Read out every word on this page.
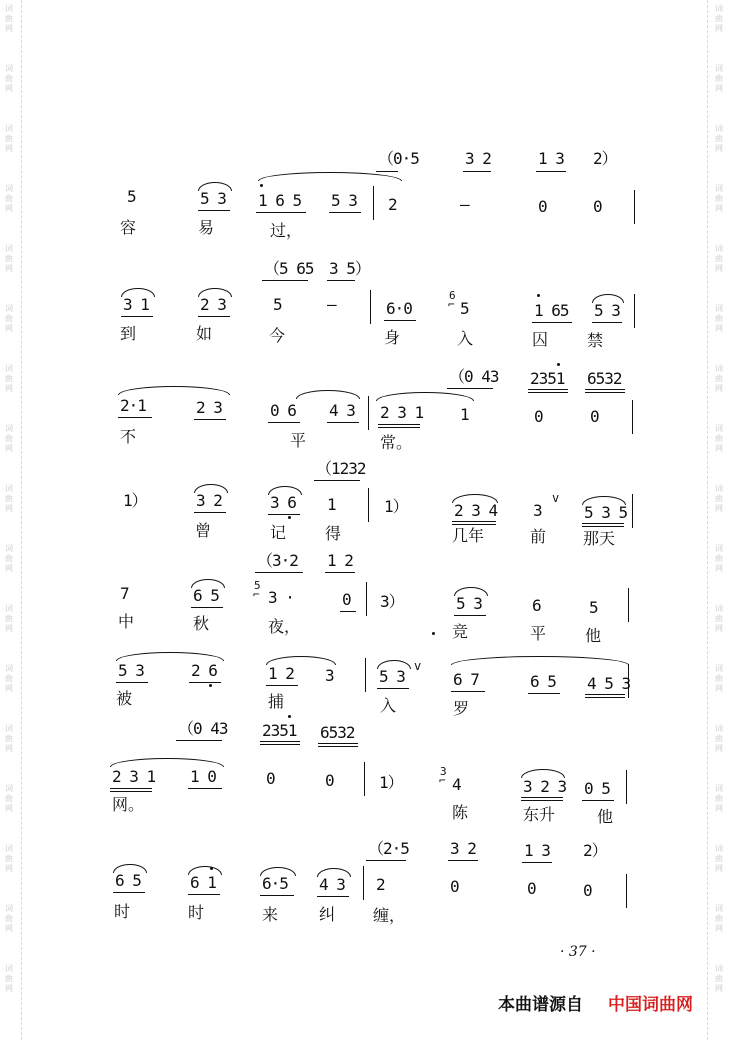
词
曲
网
词
曲
网
词
曲
网
词
曲
网
词
曲
网
词
曲
网
词
曲
网
词
曲
网
词
曲
网
词
曲
网
词
曲
网
词
曲
网
词
曲
网
词
曲
网
词
曲
网
词
曲
网
词
曲
网
词
曲
网
词
曲
网
词
曲
网
词
曲
网
词
曲
网
词
曲
网
词
曲
网
词
曲
网
词
曲
网
词
曲
网
词
曲
网
词
曲
网
词
曲
网
词
曲
网
词
曲
网
词
曲
网
词
曲
网
v
v
（0·5	3 2	1 3 2）
5	5 3 1 6 5 5 3 2	—	0	0
（5 65 3 5）
3 1	2 3	5	—	6·0	5	1 65 5 3
（0 43 2351 6532
2·1	2 3	0 6 4 3 2 3 1 1	0	0
（1232
1）	3 2	3 6 1	1）	2 3 4 3	5 3 5
（3·2 1 2
7	6 5	3 ·	0 3）	5 3	6	5
5 3	2 6	1 2 3	5 3	6 7	6 5 4 5 3
（0 43 2351 6532
2 3 1 1 0	0	0	1）	4	3 2 3 0 5
（2·5	3 2	1 3 2）
6 5	6 1	6·5 4 3 2	0	0	0
容	易	过，
到	如	今	身	入	囚 禁
不	平	常。
曾	记 得	几年	前 那天
中	秋	夜，	竞	平 他
被	捕	入	罗
网。	陈	东升	他
时	时	来	纠 缠，
6
5
3
⌐
⌐
⌐
· 37 ·
本曲谱源自 中国词曲网
